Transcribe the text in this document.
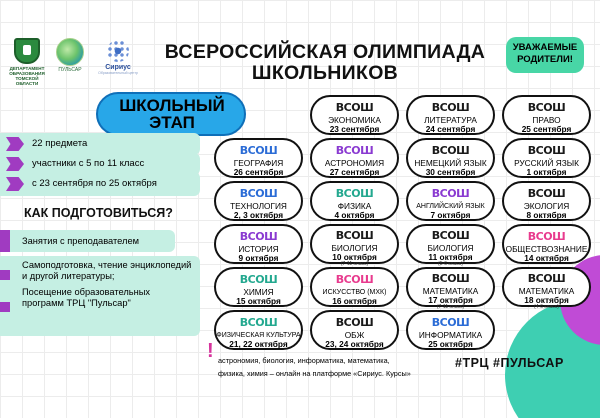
ДЕПАРТАМЕНТ ОБРАЗОВАНИЯ ТОМСКОЙ ОБЛАСТИ
ПУЛЬСАР	Сириус
Образовательный центр
ВСЕРОССИЙСКАЯ ОЛИМПИАДА
ШКОЛЬНИКОВ
УВАЖАЕМЫЕ
РОДИТЕЛИ!
ШКОЛЬНЫЙ
ЭТАП
22 предмета
участники с 5 по 11 класс
с 23 сентября по 25 октября
КАК ПОДГОТОВИТЬСЯ?
Занятия с преподавателем
Самоподготовка, чтение энциклопедий и другой литературы;
Посещение образовательных программ ТРЦ "Пульсар"
ВСОШ
ЭКОНОМИКА
23 сентября
ВСОШ
ЛИТЕРАТУРА
24 сентября
ВСОШ
ПРАВО
25 сентября
ВСОШ
ГЕОГРАФИЯ
26 сентября
ВСОШ
АСТРОНОМИЯ
27 сентября
ВСОШ
НЕМЕЦКИЙ ЯЗЫК
30 сентября
ВСОШ
РУССКИЙ ЯЗЫК
1 октября
ВСОШ
ТЕХНОЛОГИЯ
2, 3 октября
ВСОШ
ФИЗИКА
4 октября
ВСОШ
АНГЛИЙСКИЙ ЯЗЫК
7 октября
ВСОШ
ЭКОЛОГИЯ
8 октября
ВСОШ
ИСТОРИЯ
9 октября
ВСОШ
БИОЛОГИЯ
10 октября
(7-11 класс)
ВСОШ
БИОЛОГИЯ
11 октября
(5-6 класс)
ВСОШ
ОБЩЕСТВОЗНАНИЕ
14 октября
ВСОШ
ХИМИЯ
15 октября
ВСОШ
ИСКУССТВО (МХК)
16 октября
ВСОШ
МАТЕМАТИКА
17 октября
(7-11 класс)
ВСОШ
МАТЕМАТИКА
18 октября
(4-6 класс)
ВСОШ
ФИЗИЧЕСКАЯ КУЛЬТУРА
21, 22 октября
ВСОШ
ОБЖ
23, 24 октября
ВСОШ
ИНФОРМАТИКА
25 октября
! астрономия, биология, информатика, математика,
физика, химия – онлайн на платформе «Сириус. Курсы»
#ТРЦ #ПУЛЬСАР
